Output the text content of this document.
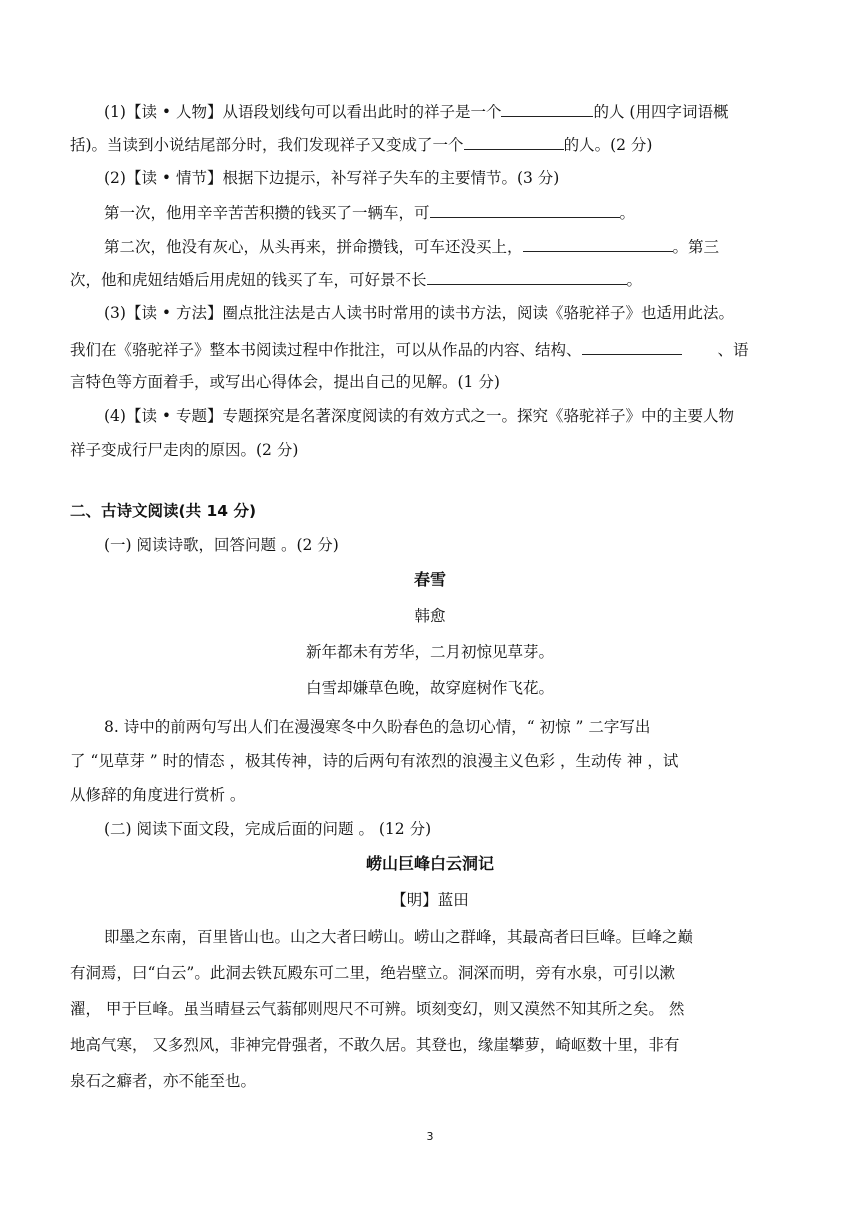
(1)【读 • 人物】从语段划线句可以看出此时的祥子是一个	的人 (用四字词语概
括)。当读到小说结尾部分时，我们发现祥子又变成了一个	的人。(2 分)
(2)【读 • 情节】根据下边提示，补写祥子失车的主要情节。(3 分)
第一次，他用辛辛苦苦积攒的钱买了一辆车，可	。
第二次，他没有灰心，从头再来，拼命攒钱，可车还没买上，	。第三
次，他和虎妞结婚后用虎妞的钱买了车，可好景不长	。
(3)【读 • 方法】圈点批注法是古人读书时常用的读书方法，阅读《骆驼祥子》也适用此法。
我们在《骆驼祥子》整本书阅读过程中作批注，可以从作品的内容、结构、	、语
言特色等方面着手，或写出心得体会，提出自己的见解。(1 分)
(4)【读 • 专题】专题探究是名著深度阅读的有效方式之一。探究《骆驼祥子》中的主要人物
祥子变成行尸走肉的原因。(2 分)
二、古诗文阅读(共 14 分)
(一) 阅读诗歌，回答问题 。(2 分)
春雪
韩愈
新年都未有芳华，二月初惊见草芽。
白雪却嫌草色晚，故穿庭树作飞花。
8. 诗中的前两句写出人们在漫漫寒冬中久盼春色的急切心情，“ 初惊 ” 二字写出
了 “见草芽 ” 时的情态 ，极其传神，诗的后两句有浓烈的浪漫主义色彩 ，生动传 神 ，试
从修辞的角度进行赏析 。
(二) 阅读下面文段，完成后面的问题 。 (12 分)
崂山巨峰白云洞记
【明】蓝田
即墨之东南，百里皆山也。山之大者曰崂山。崂山之群峰，其最高者曰巨峰。巨峰之巅
有洞焉，曰“白云”。此洞去铁瓦殿东可二里，绝岩壁立。洞深而明，旁有水泉，可引以漱
濯， 甲于巨峰。虽当晴昼云气蓊郁则咫尺不可辨。顷刻变幻，则又漠然不知其所之矣。 然
地高气寒， 又多烈风，非神完骨强者，不敢久居。其登也，缘崖攀萝，崎岖数十里，非有
泉石之癖者，亦不能至也。
3
